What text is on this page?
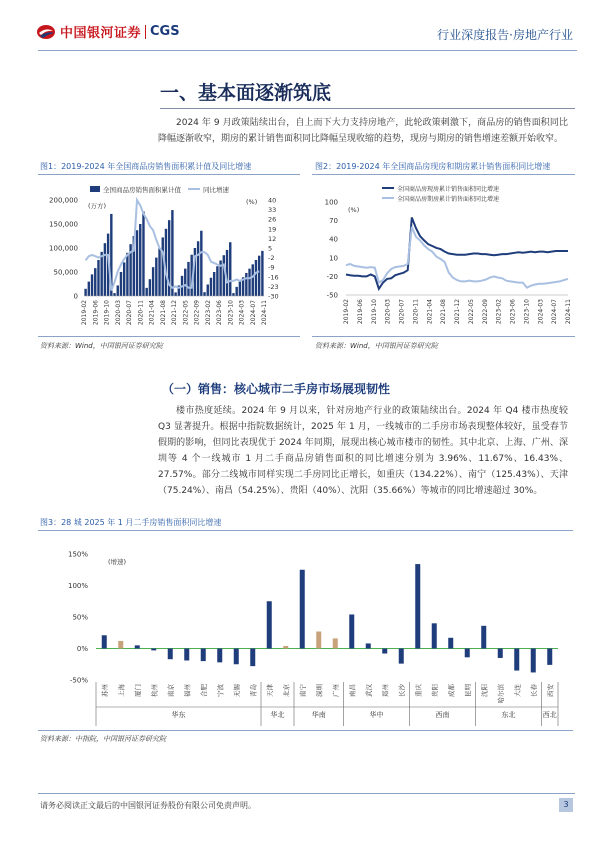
中国银河证券 CGS	行业深度报告·房地产行业
一、基本面逐渐筑底
2024 年 9 月政策陆续出台，自上而下大力支持房地产，此轮政策刺激下，商品房的销售面积同比降幅逐渐收窄，期房的累计销售面积同比降幅呈现收缩的趋势，现房与期房的销售增速差额开始收窄。
图1：2019-2024 年全国商品房销售面积累计值及同比增速
全国商品房销售面积累计值	同比增速
(万方)	(%)
200,000
150,000
100,000
50,000
0
40
33
26
19
12
5
-2
-9
-16
-23
-30
2019-02 2019-06 2019-10 2020-03 2020-07 2020-11 2021-04 2021-08 2021-12 2022-05 2022-09 2023-02 2023-06 2023-10 2024-03 2024-07 2024-11
资料来源：Wind，中国银河证券研究院
图2：2019-2024 年全国商品房现房和期房累计销售面积同比增速
全国商品房现房累计销售面积同比增速
全国商品房期房累计销售面积同比增速
(%)
100
70
40
10
-20
-50
2019-02 2019-06 2019-10 2020-03 2020-07 2020-11 2021-04 2021-08 2021-12 2022-05 2022-09 2023-02 2023-06 2023-10 2024-03 2024-07 2024-11
资料来源：Wind，中国银河证券研究院
（一）销售：核心城市二手房市场展现韧性
楼市热度延续。2024 年 9 月以来，针对房地产行业的政策陆续出台。2024 年 Q4 楼市热度较 Q3 显著提升。根据中指院数据统计，2025 年 1 月，一线城市的二手房市场表现整体较好，虽受春节假期的影响，但同比表现优于 2024 年同期，展现出核心城市楼市的韧性。其中北京、上海、广州、深圳等 4 个一线城市 1 月二手商品房销售面积的同比增速分别为 3.96%、11.67%、16.43%、27.57%。部分二线城市同样实现二手房同比正增长，如重庆（134.22%）、南宁（125.43%）、天津（75.24%）、南昌（54.25%）、贵阳（40%）、沈阳（35.66%）等城市的同比增速超过 30%。
图3：28 城 2025 年 1 月二手房销售面积同比增速
(增速)
150%
100%
50%
0%
-50%
苏州 上海 厦门 杭州 南京 福州 合肥 宁波 无锡 青岛 天津 北京 南宁 深圳 广州 南昌 武汉 郑州 长沙 重庆 贵阳 成都 昆明 沈阳 哈尔滨 大连 长春 西安
华东	华北	华南	华中	西南	东北	西北
资料来源：中指院，中国银河证券研究院
请务必阅读正文最后的中国银河证券股份有限公司免责声明。	3
